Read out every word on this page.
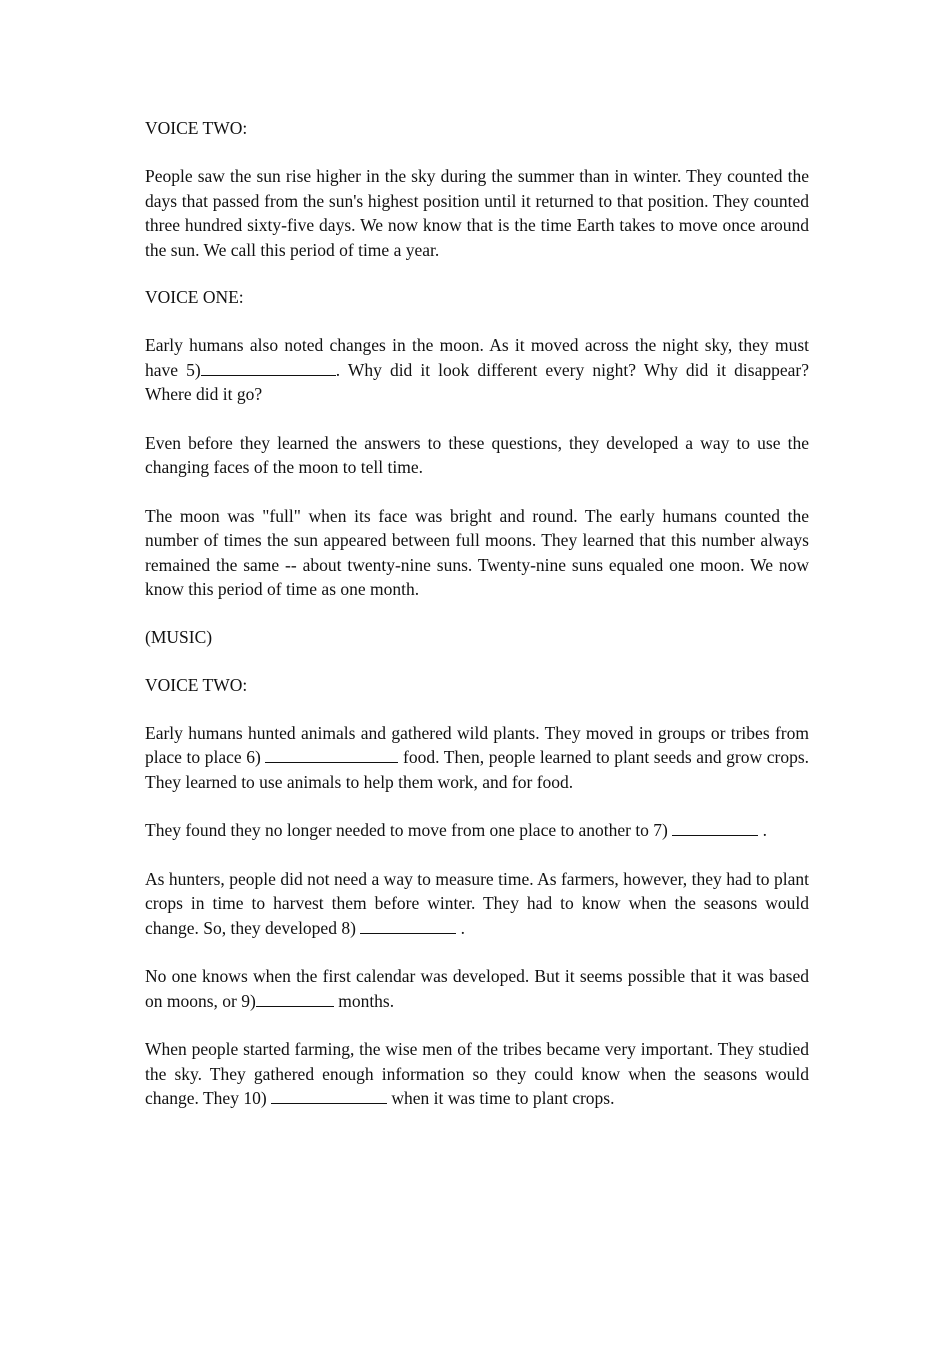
VOICE TWO:

People saw the sun rise higher in the sky during the summer than in winter. They counted the days that passed from the sun's highest position until it returned to that position. They counted three hundred sixty-five days. We now know that is the time Earth takes to move once around the sun. We call this period of time a year.

VOICE ONE:

Early humans also noted changes in the moon. As it moved across the night sky, they must have 5)	. Why did it look different every night? Why did it disappear? Where did it go?

Even before they learned the answers to these questions, they developed a way to use the changing faces of the moon to tell time.

The moon was "full" when its face was bright and round. The early humans counted the number of times the sun appeared between full moons. They learned that this number always remained the same -- about twenty-nine suns. Twenty-nine suns equaled one moon. We now know this period of time as one month.

(MUSIC)

VOICE TWO:

Early humans hunted animals and gathered wild plants. They moved in groups or tribes from place to place 6)	food. Then, people learned to plant seeds and grow crops. They learned to use animals to help them work, and for food.

They found they no longer needed to move from one place to another to 7)	.

As hunters, people did not need a way to measure time. As farmers, however, they had to plant crops in time to harvest them before winter. They had to know when the seasons would change. So, they developed 8)	.

No one knows when the first calendar was developed. But it seems possible that it was based on moons, or 9)	months.

When people started farming, the wise men of the tribes became very important. They studied the sky. They gathered enough information so they could know when the seasons would change. They 10)	when it was time to plant crops.
